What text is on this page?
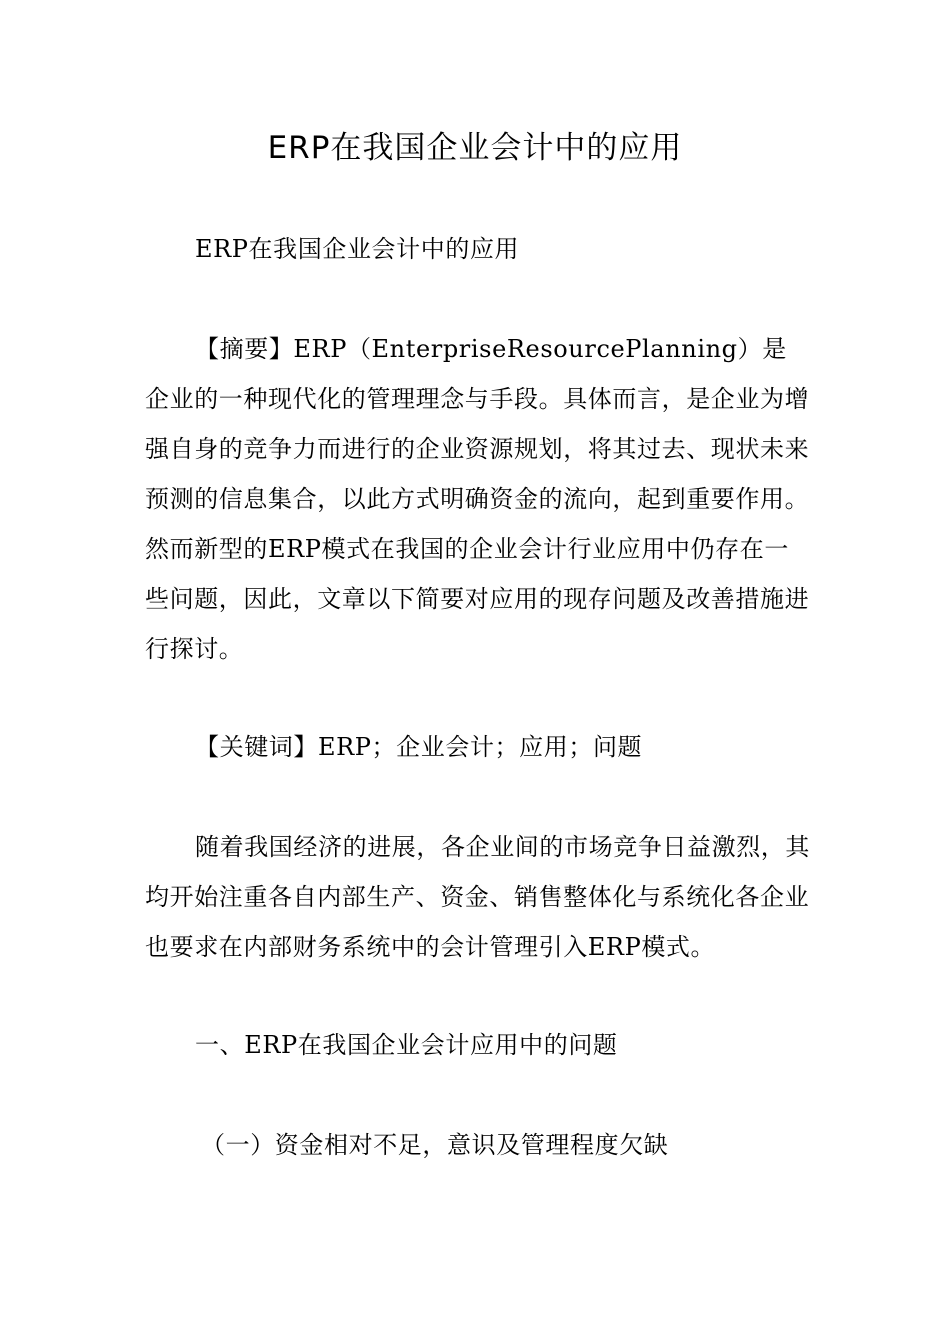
ERP在我国企业会计中的应用

ERP在我国企业会计中的应用

【摘要】ERP（EnterpriseResourcePlanning）是企业的一种现代化的管理理念与手段。具体而言，是企业为增强自身的竞争力而进行的企业资源规划，将其过去、现状未来预测的信息集合，以此方式明确资金的流向，起到重要作用。然而新型的ERP模式在我国的企业会计行业应用中仍存在一些问题，因此，文章以下简要对应用的现存问题及改善措施进行探讨。

【关键词】ERP；企业会计；应用；问题

随着我国经济的进展，各企业间的市场竞争日益激烈，其均开始注重各自内部生产、资金、销售整体化与系统化各企业也要求在内部财务系统中的会计管理引入ERP模式。

一、ERP在我国企业会计应用中的问题

（一）资金相对不足，意识及管理程度欠缺
